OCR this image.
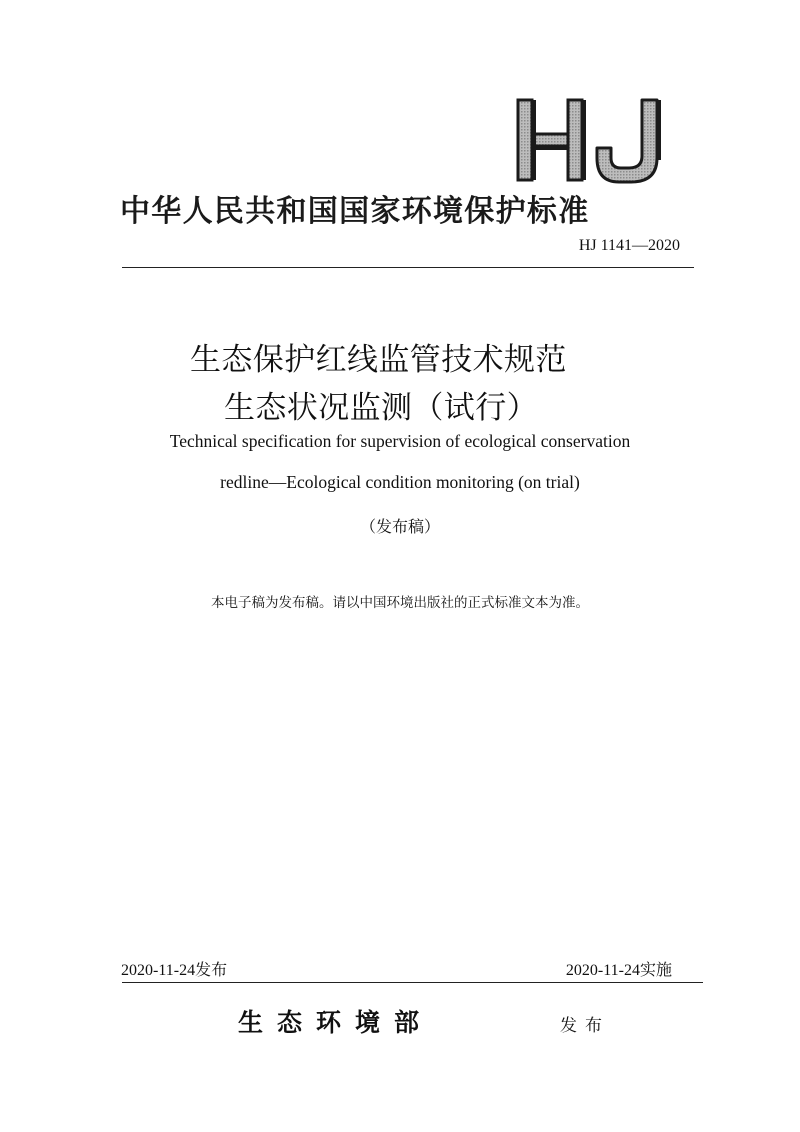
中华人民共和国国家环境保护标准
HJ 1141—2020
生态保护红线监管技术规范
生态状况监测（试行）
Technical specification for supervision of ecological conservation
redline—Ecological condition monitoring (on trial)
（发布稿）
本电子稿为发布稿。请以中国环境出版社的正式标准文本为准。
2020-11-24发布	2020-11-24实施
生态环境部	发布
